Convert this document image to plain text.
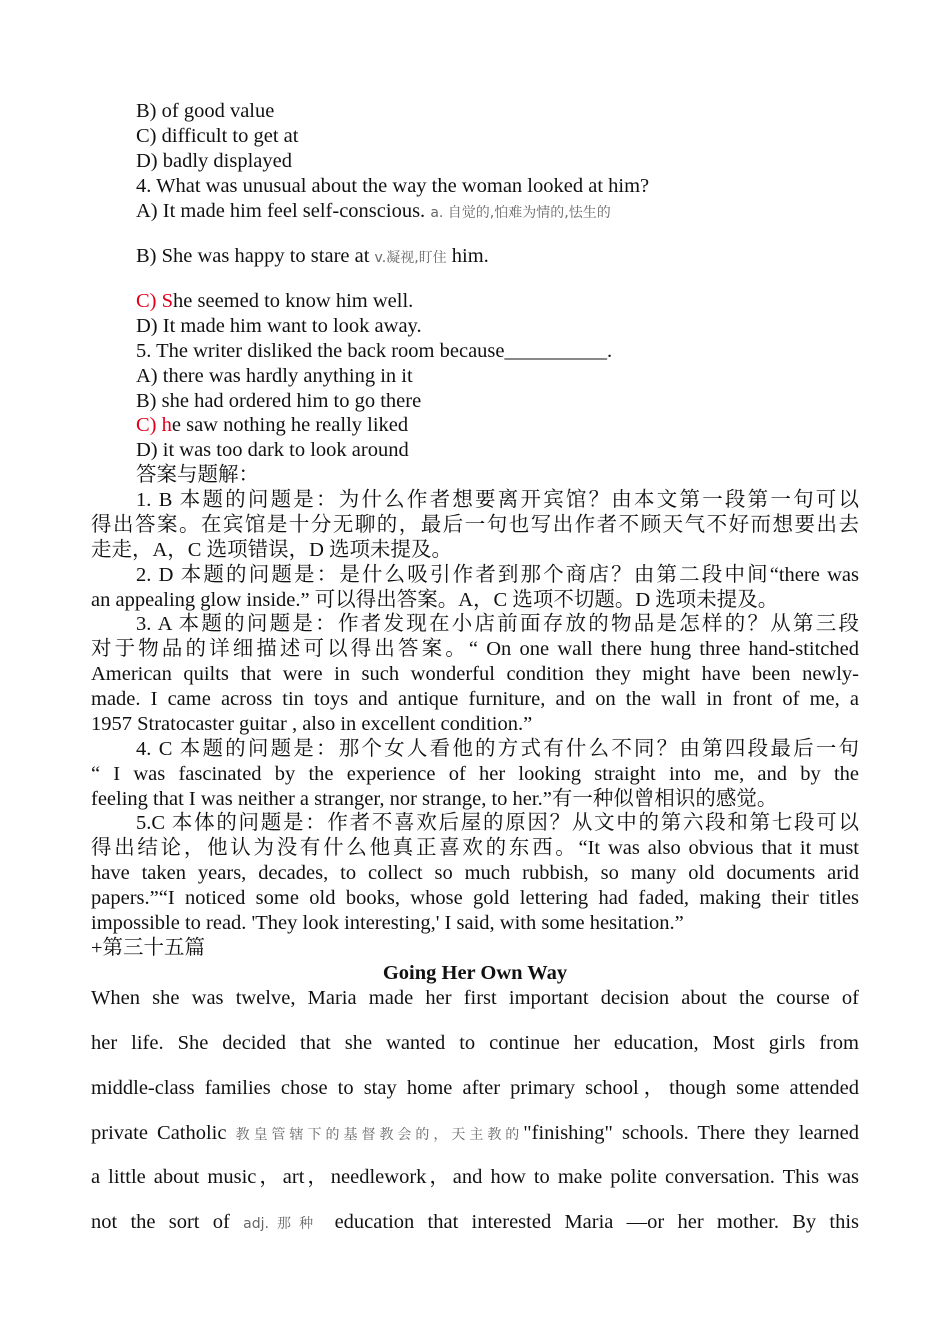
B) of good value
C) difficult to get at
D) badly displayed
4. What was unusual about the way the woman looked at him?
A) It made him feel self-conscious. a. 自觉的,怕难为情的,怯生的
B) She was happy to stare at v.凝视,盯住 him.
C) She seemed to know him well.
D) It made him want to look away.
5. The writer disliked the back room because__________.
A) there was hardly anything in it
B) she had ordered him to go there
C) he saw nothing he really liked
D) it was too dark to look around
答案与题解：
1. B 本题的问题是：为什么作者想要离开宾馆？由本文第一段第一句可以
得出答案。在宾馆是十分无聊的，最后一句也写出作者不顾天气不好而想要出去
走走，A，C 选项错误，D 选项未提及。
2. D 本题的问题是：是什么吸引作者到那个商店？由第二段中间“there was
an appealing glow inside.” 可以得出答案。A，C 选项不切题。D 选项未提及。
3. A 本题的问题是：作者发现在小店前面存放的物品是怎样的？从第三段
对于物品的详细描述可以得出答案。“ On one wall there hung three hand-stitched
American quilts that were in such wonderful condition they might have been newly-
made. I came across tin toys and antique furniture, and on the wall in front of me, a
1957 Stratocaster guitar , also in excellent condition.”
4. C 本题的问题是：那个女人看他的方式有什么不同？由第四段最后一句
“ I was fascinated by the experience of her looking straight into me, and by the
feeling that I was neither a stranger, nor strange, to her.”有一种似曾相识的感觉。
5.C 本体的问题是：作者不喜欢后屋的原因？从文中的第六段和第七段可以
得出结论，他认为没有什么他真正喜欢的东西。“It was also obvious that it must
have taken years, decades, to collect so much rubbish, so many old documents arid
papers.”“I noticed some old books, whose gold lettering had faded, making their titles
impossible to read. 'They look interesting,' I said, with some hesitation.”
+第三十五篇
Going Her Own Way
When she was twelve, Maria made her first important decision about the course of
her life. She decided that she wanted to continue her education, Most girls from
middle-class families chose to stay home after primary school，though some attended
private Catholic 教皇管辖下的基督教会的，天主教的"finishing" schools. There they learned
a little about music，art，needlework，and how to make polite conversation. This was
not the sort of adj.那种 education that interested Maria —or her mother. By this
